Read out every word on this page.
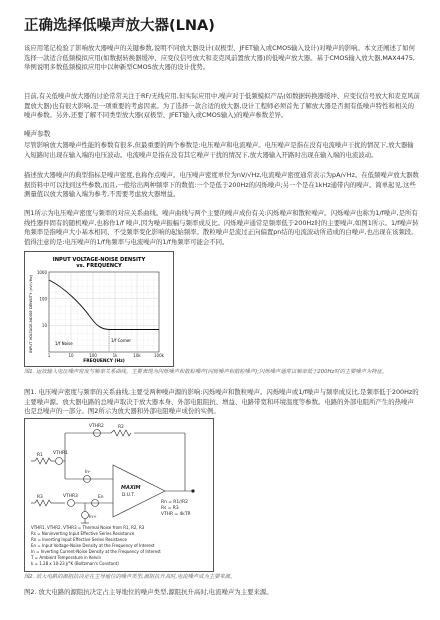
正确选择低噪声放大器(LNA)

该应用笔记检验了影响放大器噪声的关键参数,说明不同放大器设计(双极型、JFET输入或CMOS输入设计)对噪声的影响。本文还阐述了如何选择一款适合低频模拟应用(如数据转换器缓冲、应变仪信号放大和麦克风前置放大器)的低噪声放大器。基于CMOS输入放大器,MAX4475,举例说明多数低频模拟应用中以种新型CMOS放大器的设计优势。

目前,有关低噪声放大器的讨论常常关注于RF/无线应用,但实际应用中,噪声对于低频模拟产品(如数据转换器缓冲、应变仪信号放大和麦克风前置放大器)也有很大影响,是一项重要的考虑因素。为了选择一款合适的放大器,设计工程师必须首先了解放大器是否拥有低噪声特性和相关的噪声参数。另外,还要了解不同类型放大器(双极型、JFET输入或CMOS输入)的噪声参数差异。

噪声参数

尽管影响放大器噪声性能的参数有很多,但最重要的两个参数是:电压噪声和电流噪声。电压噪声是指在没有电流噪声干扰的情况下,放大器输入短路时出现在输入端的电压波动。电流噪声是指在没有其它噪声干扰的情况下,放大器输入开路时出现在输入端的电流波动。

描述放大器噪声的典型指标是噪声密度,也称作点噪声。电压噪声密度单位为nV/√Hz,电流噪声密度通常表示为pA/√Hz。在低频噪声放大器数据资料中可以找到这些参数,而且,一般给出两种频率下的数值:一个是低于200Hz的闪烁噪声;另一个是在1kHz通带内的噪声。简单起见,这些测量值以放大器输入端为参考,不需要考虑放大器增益。

图1所示为电压噪声密度与频率的对应关系曲线。噪声曲线与两个主要的噪声成份有关:闪烁噪声和散粒噪声。闪烁噪声也称为1/f噪声,是所有线性器件固有的随机噪声,也称作1/f 噪声,因为噪声振幅与频率成反比。闪烁噪声通常是频率低于200Hz时的主要噪声,如图1所示。1/f噪声转角频率是指噪声大小基本相同、不受频率变化影响的起始频率。散粒噪声是流过正向偏置pn结的电流波动所造成的白噪声,也出现在该频段。值得注意的是:电压噪声的1/f角频率与电流噪声的1/f角频率可能会不同。

INPUT VOLTAGE-NOISE DENSITY
vs. FREQUENCY
INPUT VOLTAGE-NOISE DENSITY (nV/√Hz)
FREQUENCY (Hz)
1000
100
10
1	10	100	1k	10k	100k
1/f Noise
1/f Corner
图1. 运放输入电压噪声密度与频率关系曲线。主要表现为闪烁噪声和散粒噪声(闪烁噪声和散粒噪声);闪烁噪声通常以频率低于200Hz时的主要噪声为特征。

图1. 电压噪声密度与频率的关系曲线,主要受两种噪声源的影响:闪烁噪声和散粒噪声。闪烁噪声或1/f噪声与频率成反比,是频率低于200Hz的主要噪声源。放大器电路的总噪声取决于放大器本身、外部电阻阻抗、增益、电路带宽和环境温度等参数。电路的外部电阻所产生的热噪声也是总噪声的一部分。图2所示为放大器和外部电阻噪声成份的实例。

VTHR2	R2
R1 VTHR1
In-
R3	VTHR3	En
In+
MAXIM
D.U.T.
Rn = R1//R2
Rs = R3
VTHR = 4kTR
VTHR1, VTHR2, VTHR3 = Thermal Noise from R1, R2, R3
Rs = Noninverting Input Effective Series Resistance
Rn = Inverting Input Effective Series Resistance
En = Input Voltage-Noise Density at the Frequency of Interest
In = Inverting Current-Noise Density at the Frequency of Interest
T = Ambient Temperature in Kelvin
k = 1.28 x 10-23 J/°K (Boltzman's Constant)
图2. 放大电路的源阻抗决定在主导地位的噪声类型,源阻抗升高时,电流噪声成为主要来源。

图2. 放大电路的源阻抗决定占主导地位的噪声类型,源阻抗升高时,电流噪声为主要来源。
